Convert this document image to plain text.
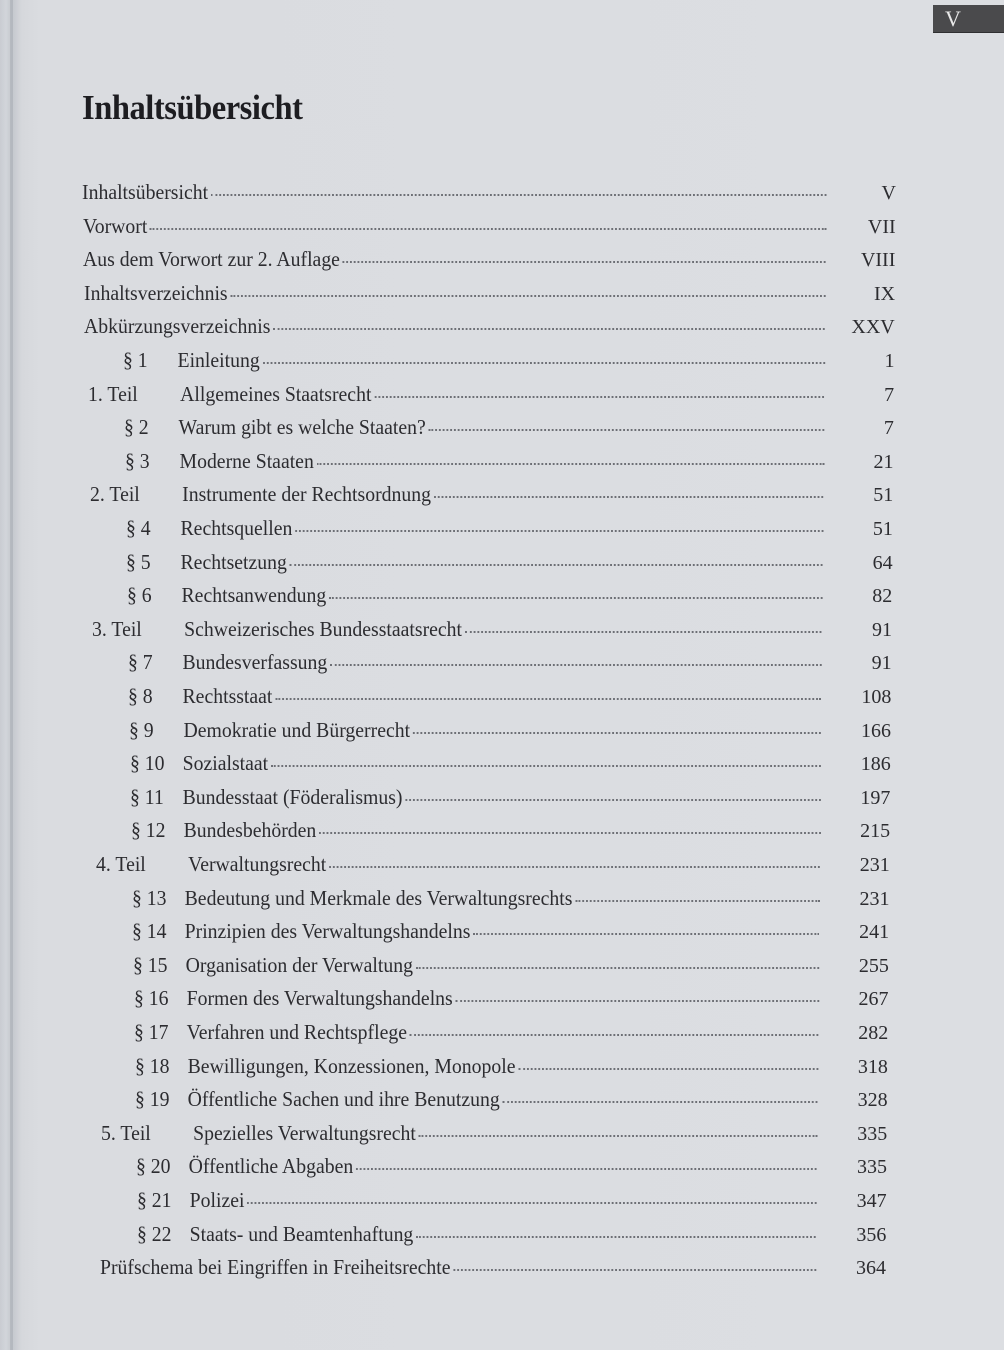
V
Inhaltsübersicht
Inhaltsübersicht	V
Vorwort	VII
Aus dem Vorwort zur 2. Auflage	VIII
Inhaltsverzeichnis	IX
Abkürzungsverzeichnis	XXV
§ 1	Einleitung	1
1. Teil	Allgemeines Staatsrecht	7
§ 2	Warum gibt es welche Staaten?	7
§ 3	Moderne Staaten	21
2. Teil	Instrumente der Rechtsordnung	51
§ 4	Rechtsquellen	51
§ 5	Rechtsetzung	64
§ 6	Rechtsanwendung	82
3. Teil	Schweizerisches Bundesstaatsrecht	91
§ 7	Bundesverfassung	91
§ 8	Rechtsstaat	108
§ 9	Demokratie und Bürgerrecht	166
§ 10 Sozialstaat	186
§ 11 Bundesstaat (Föderalismus)	197
§ 12 Bundesbehörden	215
4. Teil	Verwaltungsrecht	231
§ 13 Bedeutung und Merkmale des Verwaltungsrechts	231
§ 14 Prinzipien des Verwaltungshandelns	241
§ 15 Organisation der Verwaltung	255
§ 16 Formen des Verwaltungshandelns	267
§ 17 Verfahren und Rechtspflege	282
§ 18 Bewilligungen, Konzessionen, Monopole	318
§ 19 Öffentliche Sachen und ihre Benutzung	328
5. Teil	Spezielles Verwaltungsrecht	335
§ 20 Öffentliche Abgaben	335
§ 21 Polizei	347
§ 22 Staats- und Beamtenhaftung	356
Prüfschema bei Eingriffen in Freiheitsrechte	364
